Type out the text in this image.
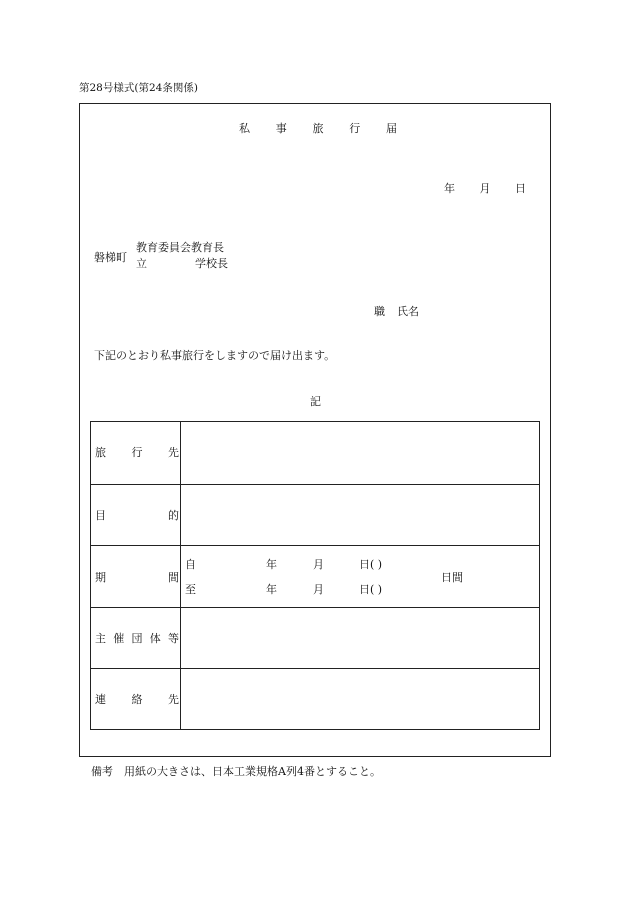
第28号様式(第24条関係)
私 事 旅 行 届
年 月 日
磐梯町
教育委員会教育長
立	学校長
職 氏名
下記のとおり私事旅行をしますので届け出ます。
記
旅 行 先
目	的
期	間
自	年	月	日( )
至	年	月	日( )
日間
主 催 団 体 等
連 絡 先
備考　用紙の大きさは、日本工業規格A列4番とすること。
